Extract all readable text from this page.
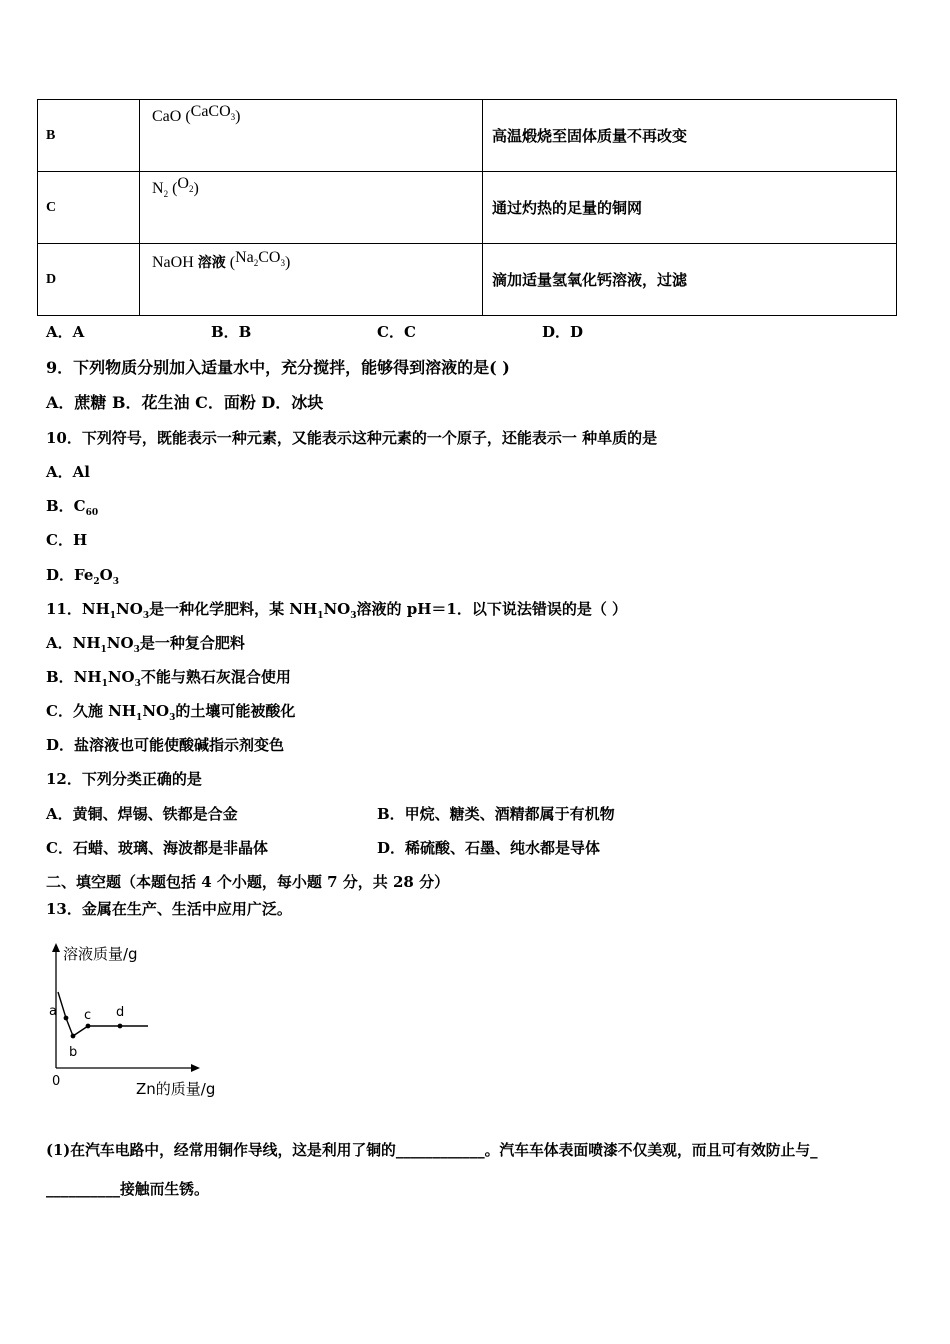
B	CaO (CaCO$_3$)	高温煅烧至固体质量不再改变
C	$N_2$ $(O_2)$	通过灼热的足量的铜网
D	NaOH 溶液 $(Na_2CO_3)$	滴加适量氢氧化钙溶液，过滤
A．A	B．B	C．C	D．D
9．下列物质分别加入适量水中，充分搅拌，能够得到溶液的是( )
A．蔗糖 B．花生油 C．面粉 D．冰块
10．下列符号，既能表示一种元素，又能表示这种元素的一个原子，还能表示一 种单质的是
A．Al
B．$C_{60}$
C．H
D．$Fe_2O_3$
11．$NH_1NO_3$是一种化学肥料，某 $NH_1NO_3$溶液的 pH＝1．以下说法错误的是（ ）
A．$NH_1NO_3$是一种复合肥料
B．$NH_1NO_3$不能与熟石灰混合使用
C．久施 $NH_1NO_3$的土壤可能被酸化
D．盐溶液也可能使酸碱指示剂变色
12．下列分类正确的是
A．黄铜、焊锡、铁都是合金	B．甲烷、糖类、酒精都属于有机物
C．石蜡、玻璃、海波都是非晶体	D．稀硫酸、石墨、纯水都是导体
二、填空题（本题包括 4 个小题，每小题 7 分，共 28 分）
13．金属在生产、生活中应用广泛。
溶液质量/g
Zn的质量/g
0
a
b
c d
(1)在汽车电路中，经常用铜作导线，这是利用了铜的____________。汽车车体表面喷漆不仅美观，而且可有效防止与_
__________接触而生锈。
